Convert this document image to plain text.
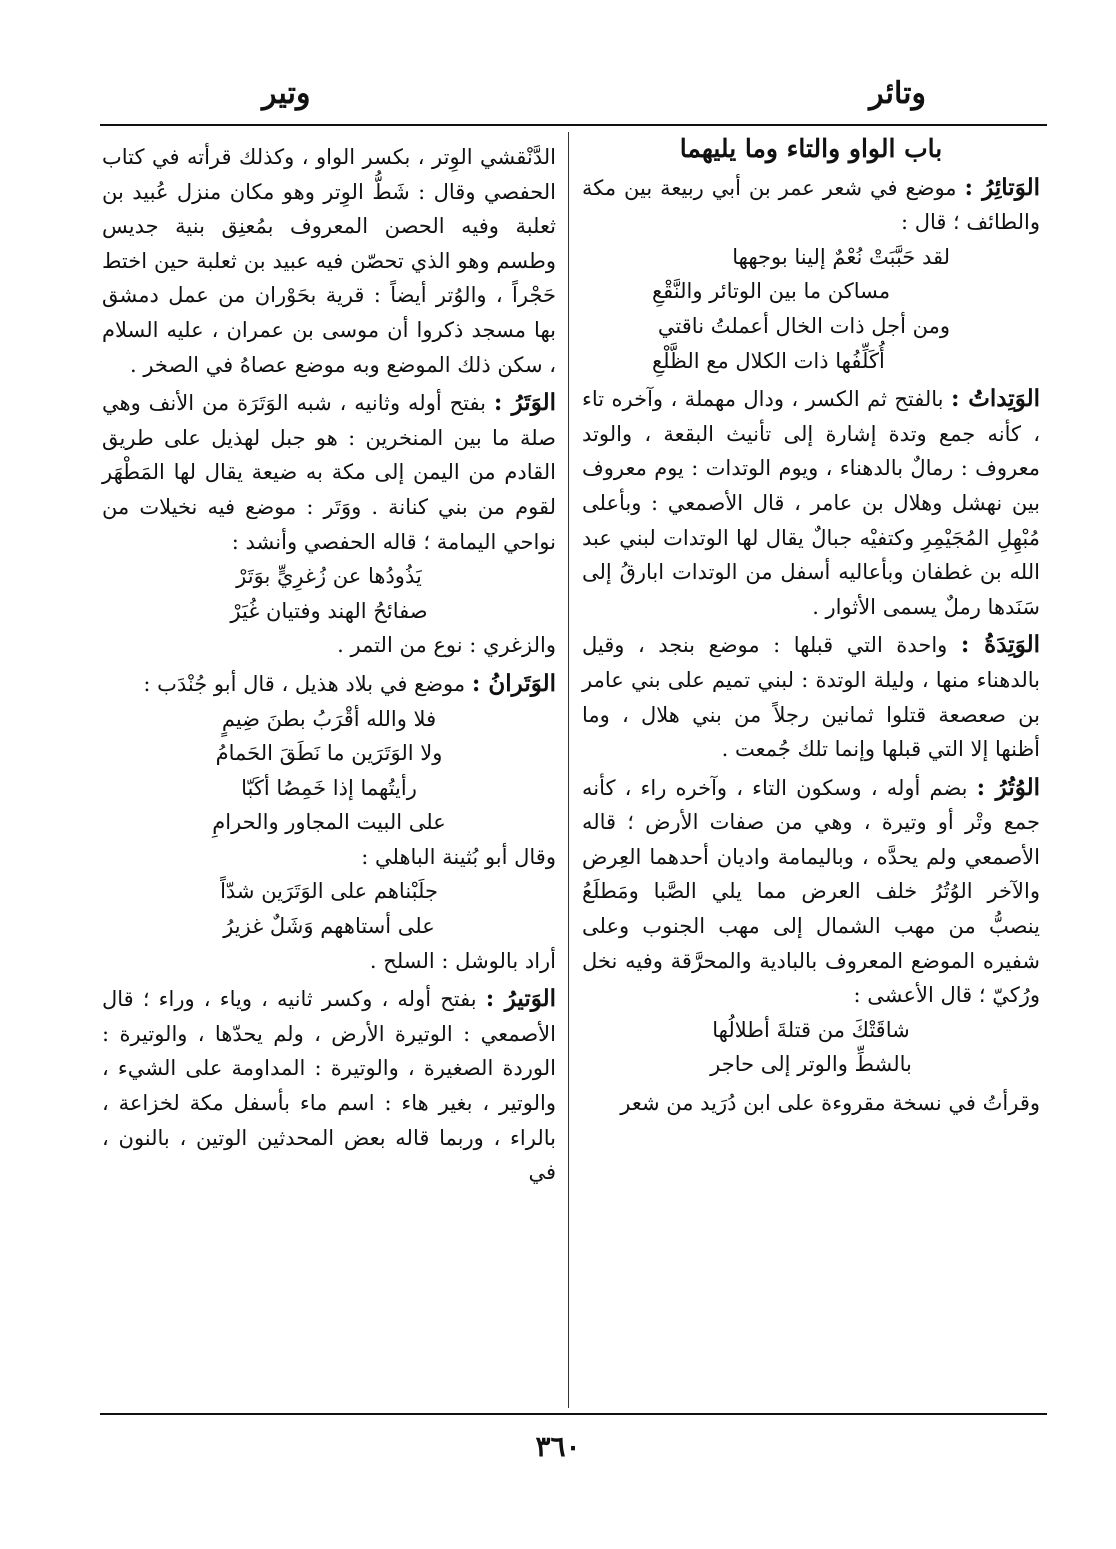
وتائر
وتير

باب الواو والتاء وما يليهما

الوَتائِرُ : موضع في شعر عمر بن أبي ربيعة بين مكة والطائف ؛ قال :

لقد حَبَّبَتْ نُعْمٌ إلينا بوجهها

مساكن ما بين الوتائر والنَّقْعِ

ومن أجل ذات الخال أعملتُ ناقتي

أُكَلِّفُها ذات الكلال مع الظَّلْعِ

الوَتِداتُ : بالفتح ثم الكسر ، ودال مهملة ، وآخره تاء ، كأنه جمع وتدة إشارة إلى تأنيث البقعة ، والوتد معروف : رمالٌ بالدهناء ، ويوم الوتدات : يوم معروف بين نهشل وهلال بن عامر ، قال الأصمعي : وبأعلى مُبْهِلِ المُجَيْمِرِ وكتفيْه جبالٌ يقال لها الوتدات لبني عبد الله بن غطفان وبأعاليه أسفل من الوتدات ابارقُ إلى سَنَدها رملٌ يسمى الأثوار .

الوَتِدَةُ : واحدة التي قبلها : موضع بنجد ، وقيل بالدهناء منها ، وليلة الوتدة : لبني تميم على بني عامر بن صعصعة قتلوا ثمانين رجلاً من بني هلال ، وما أظنها إلا التي قبلها وإنما تلك جُمعت .

الوُتُرُ : بضم أوله ، وسكون التاء ، وآخره راء ، كأنه جمع وتْر أو وتيرة ، وهي من صفات الأرض ؛ قاله الأصمعي ولم يحدَّه ، وباليمامة واديان أحدهما العِرض والآخر الوُتُرُ خلف العرض مما يلي الصَّبا ومَطلَعُ ينصبُّ من مهب الشمال إلى مهب الجنوب وعلى شفيره الموضع المعروف بالبادية والمحرَّقة وفيه نخل ورُكيّ ؛ قال الأعشى :

شاقَتْكَ من قتلةَ أطلالُها

بالشطِّ والوتر إلى حاجر

وقرأتُ في نسخة مقروءة على ابن دُرَيد من شعر

الدَّنْقشي الوِتر ، بكسر الواو ، وكذلك قرأته في كتاب الحفصي وقال : شَطُّ الوِتر وهو مكان منزل عُبيد بن ثعلبة وفيه الحصن المعروف بمُعنِق بنية جديس وطسم وهو الذي تحصّن فيه عبيد بن ثعلبة حين اختط حَجْراً ، والوُتر أيضاً : قرية بحَوْران من عمل دمشق بها مسجد ذكروا أن موسى بن عمران ، عليه السلام ، سكن ذلك الموضع وبه موضع عصاهُ في الصخر .

الوَتَرُ : بفتح أوله وثانيه ، شبه الوَتَرَة من الأنف وهي صلة ما بين المنخرين : هو جبل لهذيل على طريق القادم من اليمن إلى مكة به ضيعة يقال لها المَطْهَر لقوم من بني كنانة . ووَتَر : موضع فيه نخيلات من نواحي اليمامة ؛ قاله الحفصي وأنشد :

يَذُودُها عن زُغرِيٍّ بوَتَرْ

صفائحُ الهند وفتيان غُيَرْ

والزغري : نوع من التمر .

الوَتَرانُ : موضع في بلاد هذيل ، قال أبو جُنْدَب :

فلا والله أقْرَبُ بطنَ ضِيمٍ

ولا الوَتَرَين ما نَطَقَ الحَمامُ

رأيتُهما إذا خَمِصُا أكَبّا

على البيت المجاور والحرامِ

وقال أبو بُثينة الباهلي :

جلَبْناهم على الوَتَرَين شدّاً

على أستاههم وَشَلٌ غزيرُ

أراد بالوشل : السلح .

الوَتيرُ : بفتح أوله ، وكسر ثانيه ، وياء ، وراء ؛ قال الأصمعي : الوتيرة الأرض ، ولم يحدّها ، والوتيرة : الوردة الصغيرة ، والوتيرة : المداومة على الشيء ، والوتير ، بغير هاء : اسم ماء بأسفل مكة لخزاعة ، بالراء ، وربما قاله بعض المحدثين الوتين ، بالنون ، في

٣٦٠
